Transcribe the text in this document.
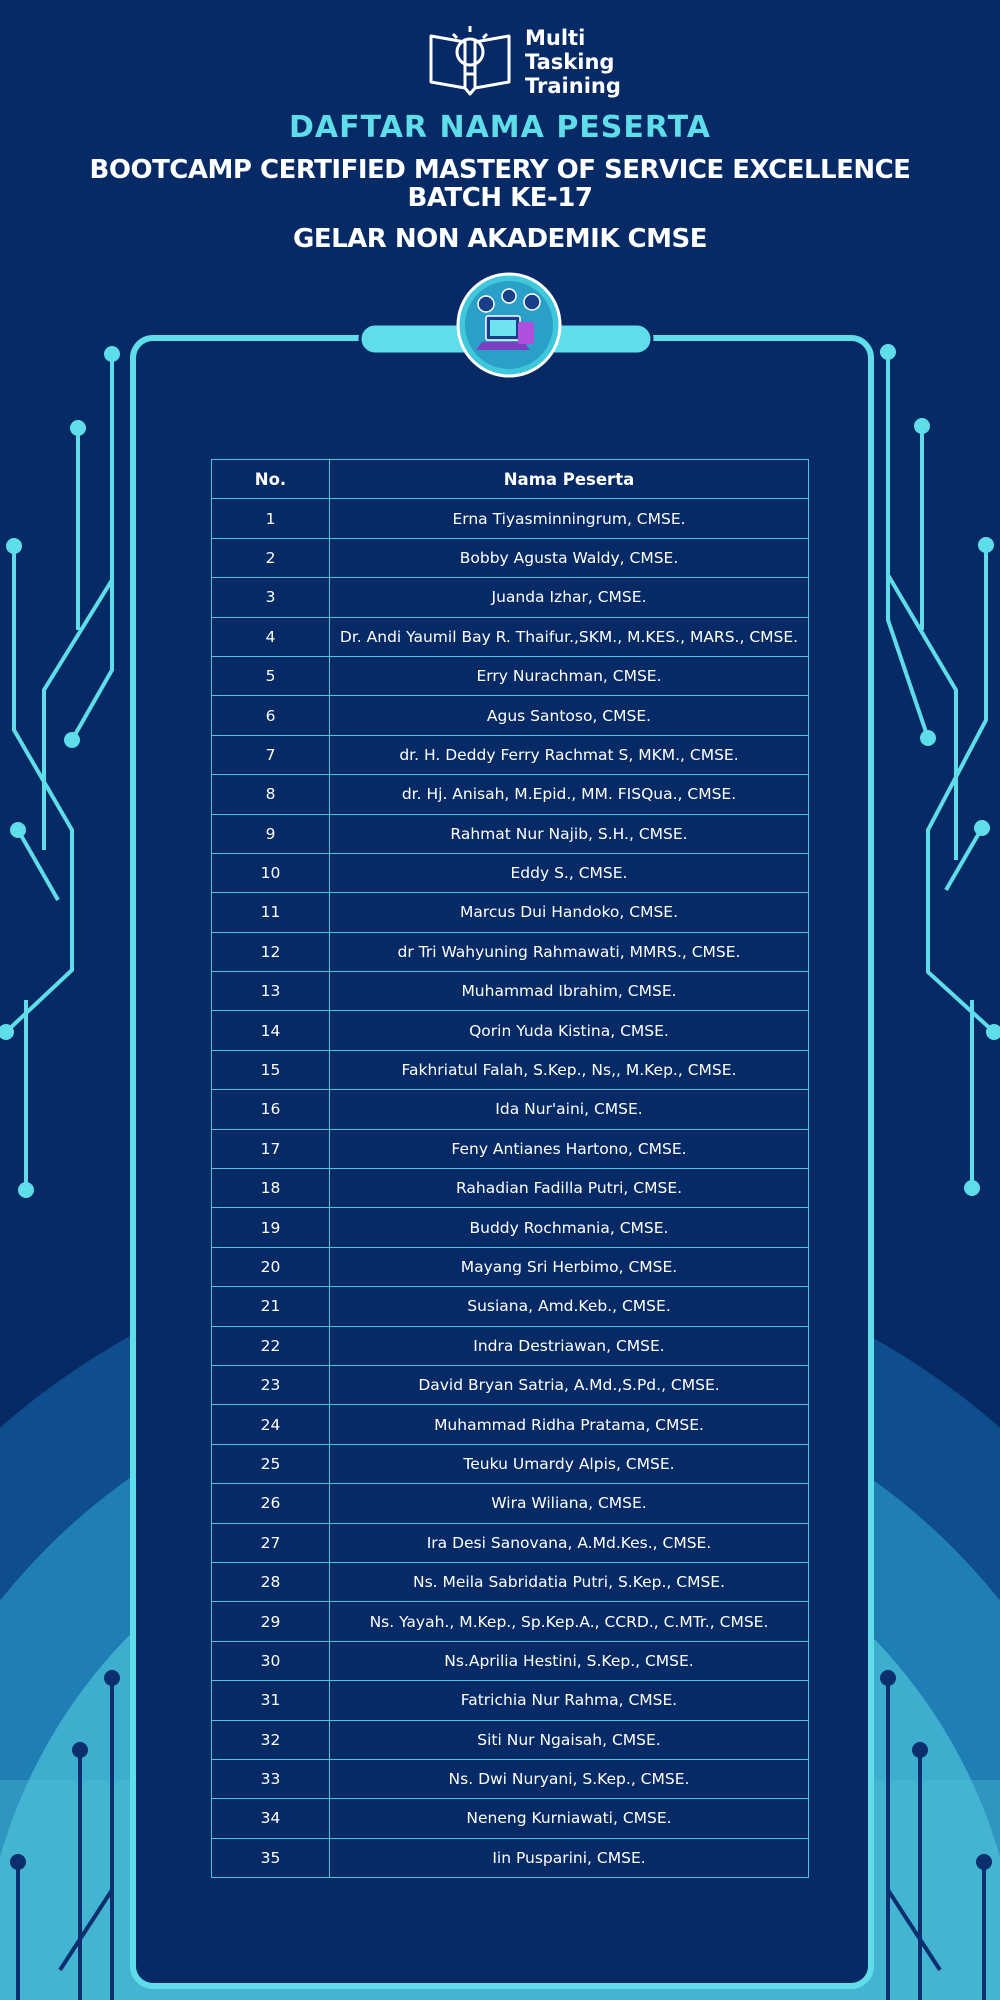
Multi
Tasking
Training
DAFTAR NAMA PESERTA
BOOTCAMP CERTIFIED MASTERY OF SERVICE EXCELLENCE
BATCH KE-17
GELAR NON AKADEMIK CMSE
No.	Nama Peserta
1	Erna Tiyasminningrum, CMSE.
2	Bobby Agusta Waldy, CMSE.
3	Juanda Izhar, CMSE.
4	Dr. Andi Yaumil Bay R. Thaifur.,SKM., M.KES., MARS., CMSE.
5	Erry Nurachman, CMSE.
6	Agus Santoso, CMSE.
7	dr. H. Deddy Ferry Rachmat S, MKM., CMSE.
8	dr. Hj. Anisah, M.Epid., MM. FISQua., CMSE.
9	Rahmat Nur Najib, S.H., CMSE.
10	Eddy S., CMSE.
11	Marcus Dui Handoko, CMSE.
12	dr Tri Wahyuning Rahmawati, MMRS., CMSE.
13	Muhammad Ibrahim, CMSE.
14	Qorin Yuda Kistina, CMSE.
15	Fakhriatul Falah, S.Kep., Ns,, M.Kep., CMSE.
16	Ida Nur'aini, CMSE.
17	Feny Antianes Hartono, CMSE.
18	Rahadian Fadilla Putri, CMSE.
19	Buddy Rochmania, CMSE.
20	Mayang Sri Herbimo, CMSE.
21	Susiana, Amd.Keb., CMSE.
22	Indra Destriawan, CMSE.
23	David Bryan Satria, A.Md.,S.Pd., CMSE.
24	Muhammad Ridha Pratama, CMSE.
25	Teuku Umardy Alpis, CMSE.
26	Wira Wiliana, CMSE.
27	Ira Desi Sanovana, A.Md.Kes., CMSE.
28	Ns. Meila Sabridatia Putri, S.Kep., CMSE.
29	Ns. Yayah., M.Kep., Sp.Kep.A., CCRD., C.MTr., CMSE.
30	Ns.Aprilia Hestini, S.Kep., CMSE.
31	Fatrichia Nur Rahma, CMSE.
32	Siti Nur Ngaisah, CMSE.
33	Ns. Dwi Nuryani, S.Kep., CMSE.
34	Neneng Kurniawati, CMSE.
35	Iin Pusparini, CMSE.
